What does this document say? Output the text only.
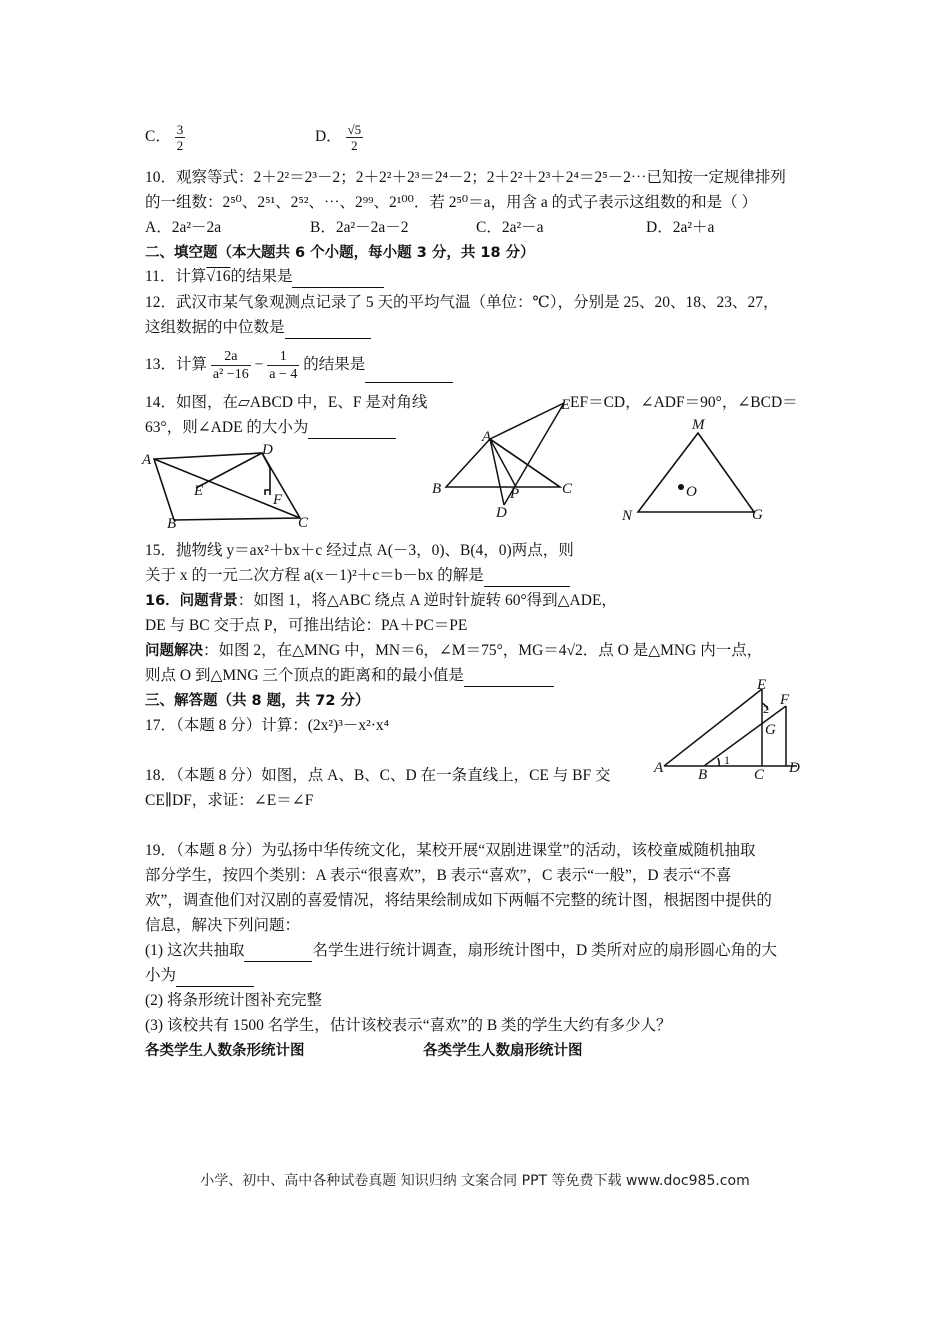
C． $\frac{3}{2}$	D． $\frac{√5}{2}$
10．观察等式：2＋2²＝2³－2；2＋2²＋2³＝2⁴－2；2＋2²＋2³＋2⁴＝2⁵－2⋯已知按一定规律排列
的一组数：2⁵⁰、2⁵¹、2⁵²、⋯、2⁹⁹、2¹⁰⁰．若 2⁵⁰＝a，用含 a 的式子表示这组数的和是（ ）
A．2a²－2a	B．2a²－2a－2	C．2a²－a	D．2a²＋a
二、填空题（本大题共 6 个小题，每小题 3 分，共 18 分）
11．计算√16的结果是
12．武汉市某气象观测点记录了 5 天的平均气温（单位：℃），分别是 25、20、18、23、27，
这组数据的中位数是
13．计算 $\frac{2a}{\text{a² −16}} - \frac{1}{a - 4}$ 的结果是
14．如图，在▱ABCD 中，E、F 是对角线	EF＝CD，∠ADF＝90°，∠BCD＝
63°，则∠ADE 的大小为
A
D
E
F
B	C
A
E
B	C
P
D
M
N	G
O
15．抛物线 y＝ax²＋bx＋c 经过点 A(－3，0)、B(4，0)两点，则
关于 x 的一元二次方程 a(x－1)²＋c＝b－bx 的解是
16．问题背景：如图 1，将△ABC 绕点 A 逆时针旋转 60°得到△ADE，
DE 与 BC 交于点 P，可推出结论：PA＋PC＝PE
问题解决：如图 2，在△MNG 中，MN＝6，∠M＝75°，MG＝4√2．点 O 是△MNG 内一点，
则点 O 到△MNG 三个顶点的距离和的最小值是
三、解答题（共 8 题，共 72 分）
17．（本题 8 分）计算：(2x²)³－x²·x⁴
18．（本题 8 分）如图，点 A、B、C、D 在一条直线上，CE 与 BF 交
CE∥DF，求证：∠E＝∠F
A B	C D
E
F
G
1
2
19．（本题 8 分）为弘扬中华传统文化，某校开展“双剧进课堂”的活动，该校童威随机抽取
部分学生，按四个类别：A 表示“很喜欢”，B 表示“喜欢”，C 表示“一般”，D 表示“不喜
欢”，调查他们对汉剧的喜爱情况，将结果绘制成如下两幅不完整的统计图，根据图中提供的
信息，解决下列问题：
(1) 这次共抽取	名学生进行统计调查，扇形统计图中，D 类所对应的扇形圆心角的大
小为
(2) 将条形统计图补充完整
(3) 该校共有 1500 名学生，估计该校表示“喜欢”的 B 类的学生大约有多少人？
各类学生人数条形统计图	各类学生人数扇形统计图
小学、初中、高中各种试卷真题 知识归纳 文案合同 PPT 等免费下载 www.doc985.com
